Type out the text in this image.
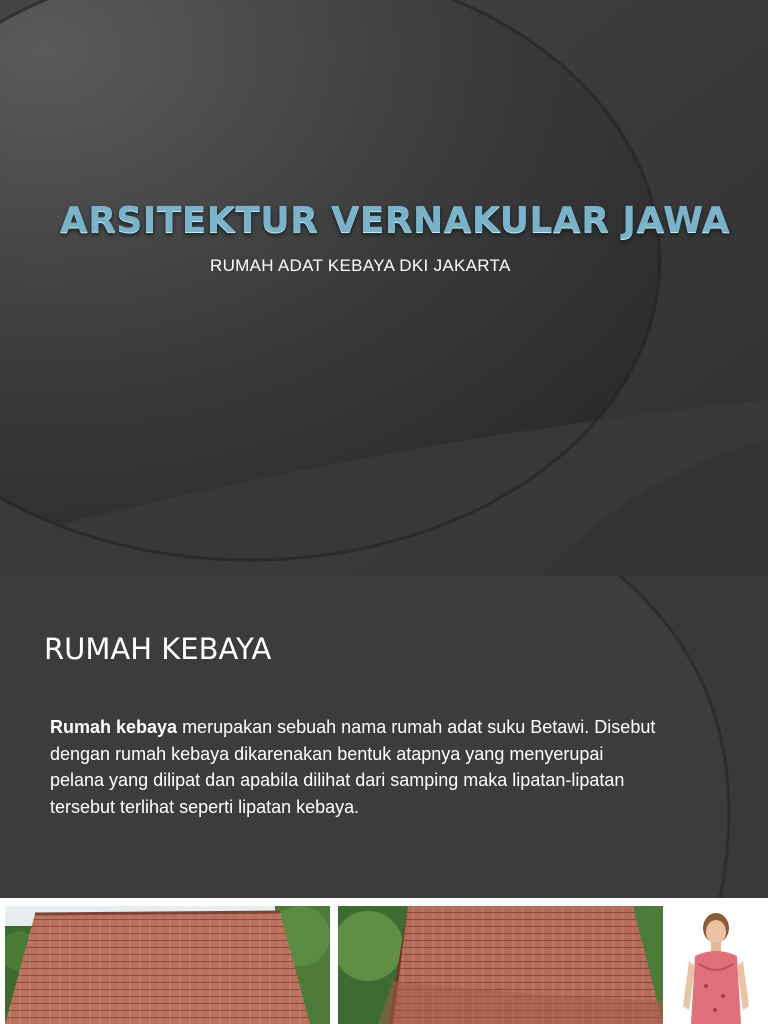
ARSITEKTUR VERNAKULAR JAWA
RUMAH ADAT KEBAYA DKI JAKARTA
RUMAH KEBAYA
Rumah kebaya merupakan sebuah nama rumah adat suku Betawi. Disebut dengan rumah kebaya dikarenakan bentuk atapnya yang menyerupai pelana yang dilipat dan apabila dilihat dari samping maka lipatan-lipatan tersebut terlihat seperti lipatan kebaya.
